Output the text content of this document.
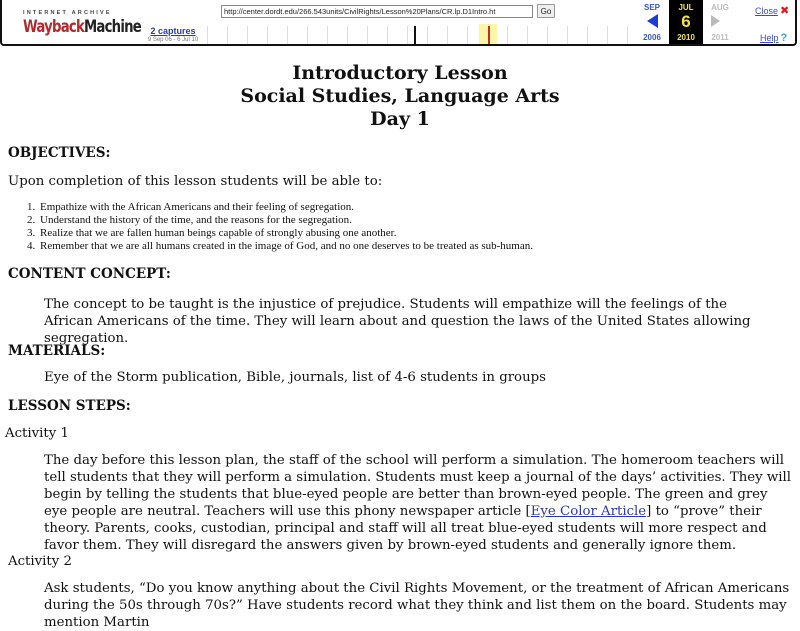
INTERNET ARCHIVE
WaybackMachine	2 captures
9 Sep 06 - 6 Jul 10
http://center.dordt.edu/266.543units/CivilRights/Lesson%20Plans/CR.lp.D1Intro.ht	Go	SEP
2006
JUL
6
2010
AUG
2011
Close ✖
Help ?

Introductory Lesson

Social Studies, Language Arts

Day 1

OBJECTIVES:
Upon completion of this lesson students will be able to:
1. Empathize with the African Americans and their feeling of segregation.
2. Understand the history of the time, and the reasons for the segregation.
3. Realize that we are fallen human beings capable of strongly abusing one another.
4. Remember that we are all humans created in the image of God, and no one deserves to be treated as sub-human.
CONTENT CONCEPT:
The concept to be taught is the injustice of prejudice. Students will empathize will the feelings of the African Americans of the time. They will learn about and question the laws of the United States allowing segregation.
MATERIALS:
Eye of the Storm publication, Bible, journals, list of 4-6 students in groups
LESSON STEPS:
Activity 1
The day before this lesson plan, the staff of the school will perform a simulation. The homeroom teachers will tell students that they will perform a simulation. Students must keep a journal of the days’ activities. They will begin by telling the students that blue-eyed people are better than brown-eyed people. The green and grey eye people are neutral. Teachers will use this phony newspaper article [Eye Color Article] to “prove” their theory. Parents, cooks, custodian, principal and staff will all treat blue-eyed students will more respect and favor them. They will disregard the answers given by brown-eyed students and generally ignore them.
Activity 2
Ask students, “Do you know anything about the Civil Rights Movement, or the treatment of African Americans during the 50s through 70s?” Have students record what they think and list them on the board. Students may mention Martin
